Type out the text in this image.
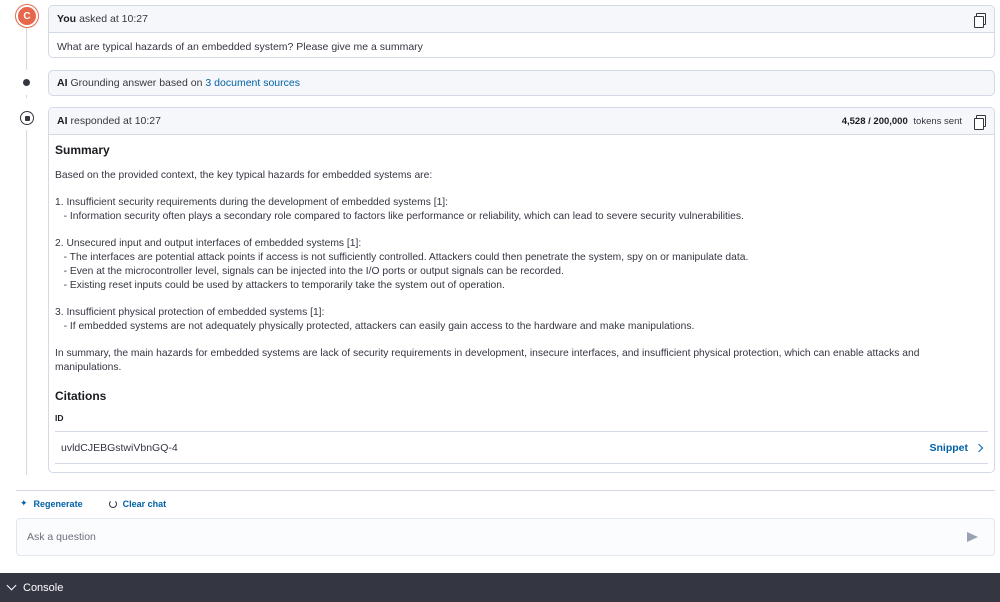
C	You asked at 10:27
What are typical hazards of an embedded system? Please give me a summary
AI Grounding answer based on 3 document sources
AI responded at 10:27	4,528 / 200,000 tokens sent
Summary

Based on the provided context, the key typical hazards for embedded systems are:

1. Insufficient security requirements during the development of embedded systems [1]:

- Information security often plays a secondary role compared to factors like performance or reliability, which can lead to severe security vulnerabilities.

2. Unsecured input and output interfaces of embedded systems [1]:

- The interfaces are potential attack points if access is not sufficiently controlled. Attackers could then penetrate the system, spy on or manipulate data.

- Even at the microcontroller level, signals can be injected into the I/O ports or output signals can be recorded.

- Existing reset inputs could be used by attackers to temporarily take the system out of operation.

3. Insufficient physical protection of embedded systems [1]:

- If embedded systems are not adequately physically protected, attackers can easily gain access to the hardware and make manipulations.

In summary, the main hazards for embedded systems are lack of security requirements in development, insecure interfaces, and insufficient physical protection, which can enable attacks and

manipulations.

Citations
ID
uvldCJEBGstwiVbnGQ-4	Snippet
✦ Regenerate	Clear chat
Ask a question
Console
